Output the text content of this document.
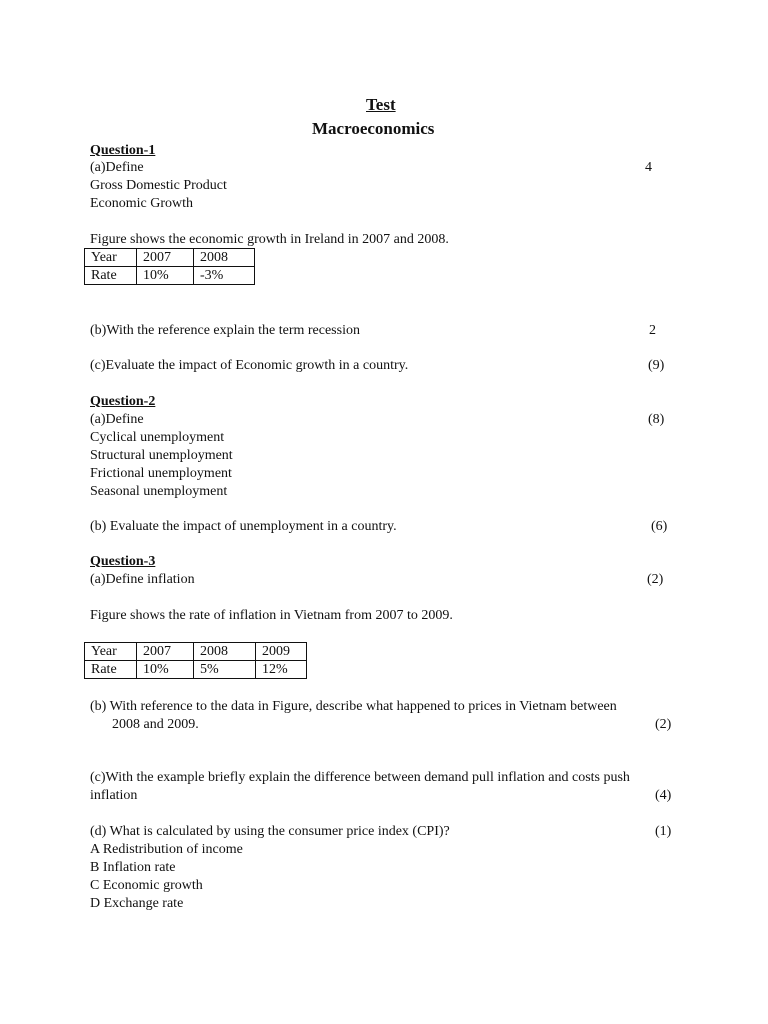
Test
Macroeconomics
Question-1
(a)Define	4
Gross Domestic Product
Economic Growth
Figure shows the economic growth in Ireland in 2007 and 2008.
Year	2007	2008
Rate	10%	-3%
(b)With the reference explain the term recession	2
(c)Evaluate the impact of Economic growth in a country.	(9)
Question-2
(a)Define	(8)
Cyclical unemployment
Structural unemployment
Frictional unemployment
Seasonal unemployment
(b) Evaluate the impact of unemployment in a country.	(6)
Question-3
(a)Define inflation	(2)
Figure shows the rate of inflation in Vietnam from 2007 to 2009.
Year	2007	2008	2009
Rate	10%	5%	12%
(b) With reference to the data in Figure, describe what happened to prices in Vietnam between
2008 and 2009.	(2)
(c)With the example briefly explain the difference between demand pull inflation and costs push
inflation	(4)
(d) What is calculated by using the consumer price index (CPI)?	(1)
A Redistribution of income
B Inflation rate
C Economic growth
D Exchange rate
